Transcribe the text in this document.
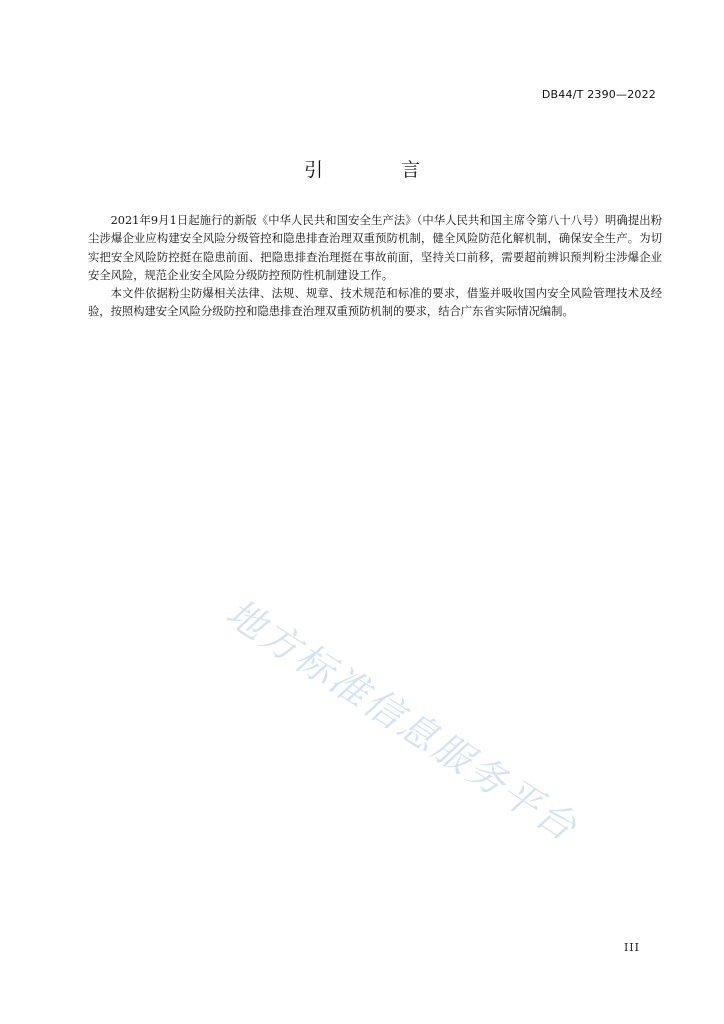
DB44/T 2390—2022
引 言

2021年9月1日起施行的新版《中华人民共和国安全生产法》（中华人民共和国主席令第八十八号）明确提出粉尘涉爆企业应构建安全风险分级管控和隐患排查治理双重预防机制，健全风险防范化解机制，确保安全生产。为切实把安全风险防控挺在隐患前面、把隐患排查治理挺在事故前面，坚持关口前移，需要超前辨识预判粉尘涉爆企业安全风险，规范企业安全风险分级防控预防性机制建设工作。

本文件依据粉尘防爆相关法律、法规、规章、技术规范和标准的要求，借鉴并吸收国内安全风险管理技术及经验，按照构建安全风险分级防控和隐患排查治理双重预防机制的要求，结合广东省实际情况编制。

地方标准信息服务平台
III
